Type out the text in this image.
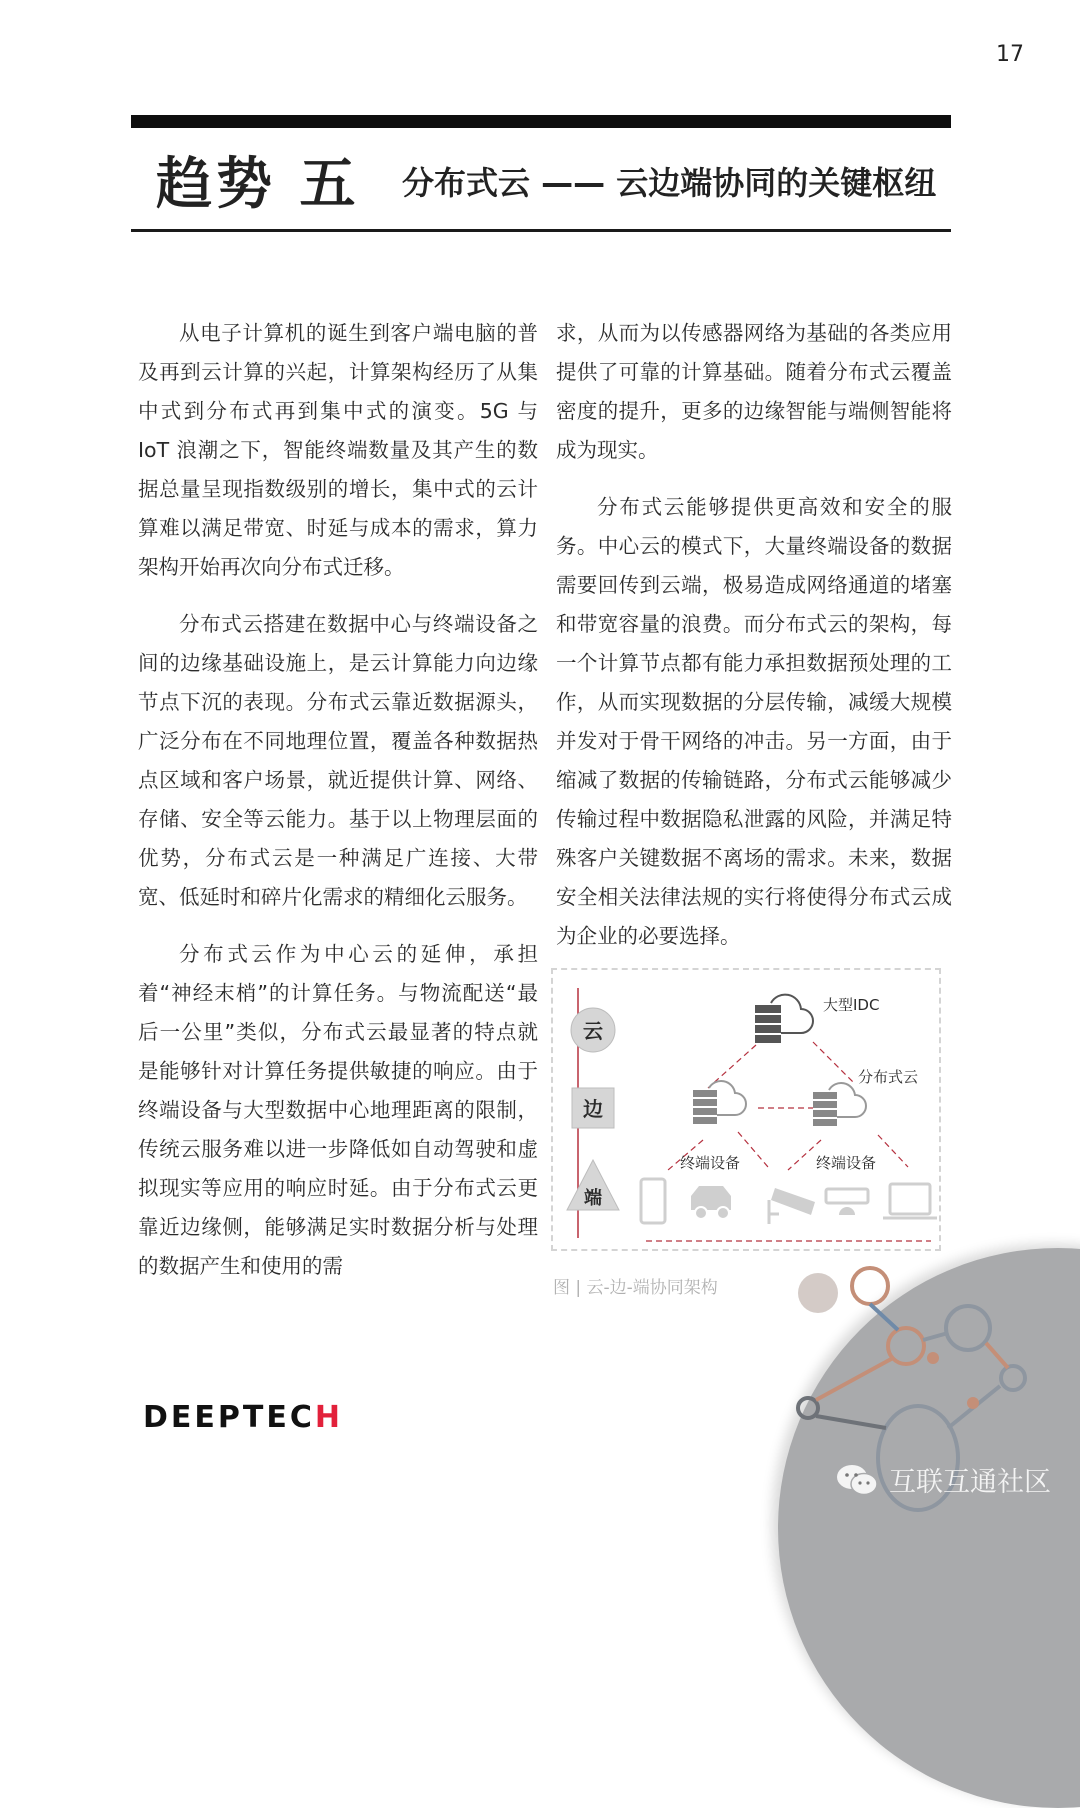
17
趋势 五 分布式云 —— 云边端协同的关键枢纽

从电子计算机的诞生到客户端电脑的普及再到云计算的兴起，计算架构经历了从集中式到分布式再到集中式的演变。5G 与 IoT 浪潮之下，智能终端数量及其产生的数据总量呈现指数级别的增长，集中式的云计算难以满足带宽、时延与成本的需求，算力架构开始再次向分布式迁移。

分布式云搭建在数据中心与终端设备之间的边缘基础设施上，是云计算能力向边缘节点下沉的表现。分布式云靠近数据源头，广泛分布在不同地理位置，覆盖各种数据热点区域和客户场景，就近提供计算、网络、存储、安全等云能力。基于以上物理层面的优势，分布式云是一种满足广连接、大带宽、低延时和碎片化需求的精细化云服务。

分布式云作为中心云的延伸，承担着“神经末梢”的计算任务。与物流配送“最后一公里”类似，分布式云最显著的特点就是能够针对计算任务提供敏捷的响应。由于终端设备与大型数据中心地理距离的限制，传统云服务难以进一步降低如自动驾驶和虚拟现实等应用的响应时延。由于分布式云更靠近边缘侧，能够满足实时数据分析与处理的数据产生和使用的需

求，从而为以传感器网络为基础的各类应用提供了可靠的计算基础。随着分布式云覆盖密度的提升，更多的边缘智能与端侧智能将成为现实。

分布式云能够提供更高效和安全的服务。中心云的模式下，大量终端设备的数据需要回传到云端，极易造成网络通道的堵塞和带宽容量的浪费。而分布式云的架构，每一个计算节点都有能力承担数据预处理的工作，从而实现数据的分层传输，减缓大规模并发对于骨干网络的冲击。另一方面，由于缩减了数据的传输链路，分布式云能够减少传输过程中数据隐私泄露的风险，并满足特殊客户关键数据不离场的需求。未来，数据安全相关法律法规的实行将使得分布式云成为企业的必要选择。

云
边
端
大型IDC
分布式云
终端设备	终端设备
图 | 云-边-端协同架构
DEEPTECH
互联互通社区
